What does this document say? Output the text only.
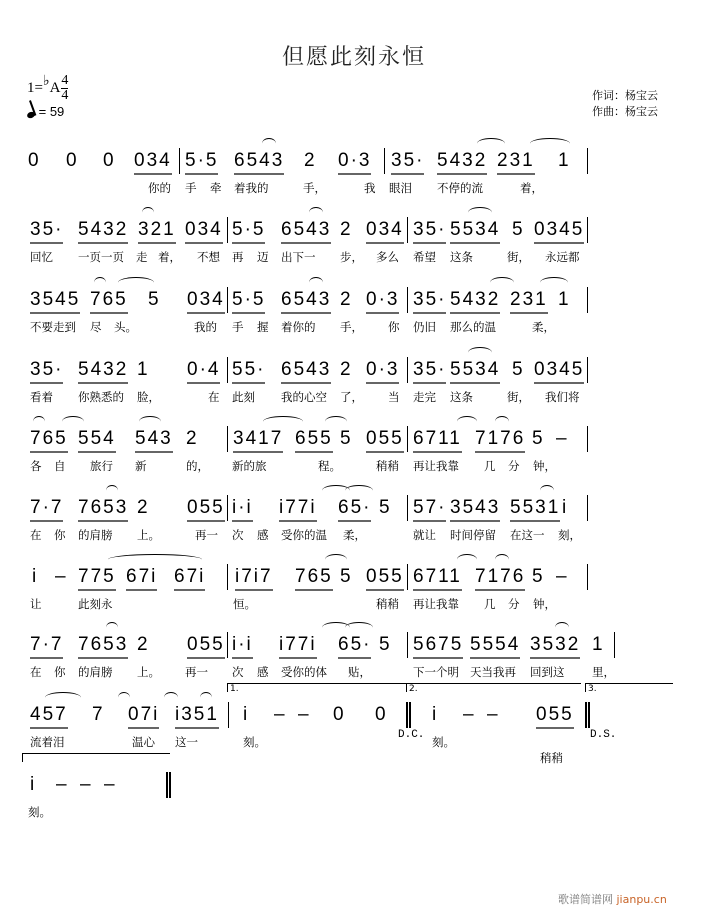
但愿此刻永恒
1=♭A $\frac{4}{4}$
= 59
作词：杨宝云
作曲：杨宝云
0 0 0 034 5·5 6543 2 0·3 35· 5432 231 1
你的 手 牵 着我的	手，	我 眼泪 不停的流	着，
35· 5432 321 034 5·5 6543 2 034 35· 5534 5 0345
回忆 一页一页 走 着， 不想 再 迈 出下一 步， 多么 希望 这条	街， 永远都
3545 765 5 034 5·5 6543 2 0·3 35· 5432 231 1
不要走到 尽 头。	我的 手 握 着你的 手， 你 仍旧 那么的温	柔，
35· 5432 1 0·4 55· 6543 2 0·3 35· 5534 5 0345
看着 你熟悉的 脸，	在 此刻 我的心空 了， 当 走完 这条	街， 我们将
765 554 543 2 3417 655 5 055 6711 7176 5 –
各 自 旅行 新	的， 新的旅	程。	稍稍 再让我靠 几 分 钟，
7·7 7653 2 055 i·i i77i 65· 5 57· 3543 5531 i
在 你 的肩膀 上。	再一 次 感 受你的温 柔，	就让 时间停留 在这一 刻，
i – 775 67i 67i i7i7 765 5 055 6711 7176 5 –
让	此刻永	恒。	稍稍 再让我靠 几 分 钟，
7·7 7653 2 055 i·i i77i 65· 5 5675 5554 3532 1
在 你 的肩膀 上。 再一 次 感 受你的体 贴，	下一个明 天当我再 回到这 里，
457 7 07i i351 i – – 0 0 i – – 055
流着泪	温心 这一	刻。	刻。
稍稍
D.C.	D.S.
i – – –
刻。
1.	2.	3.
歌谱简谱网 jianpu.cn
